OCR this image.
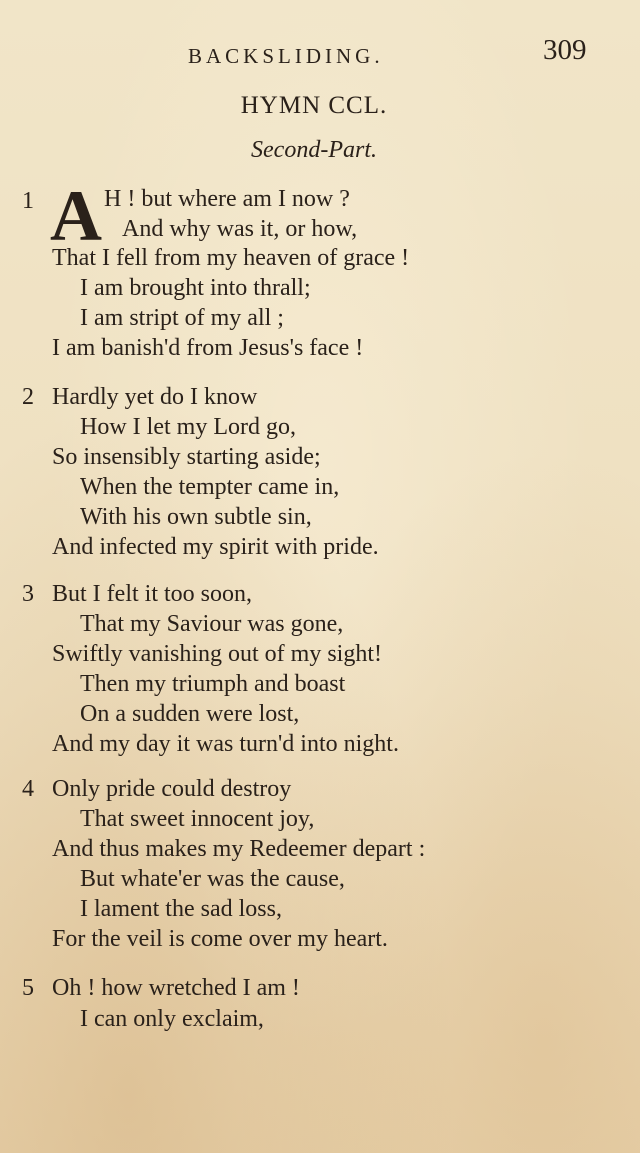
BACKSLIDING.	309
HYMN CCL.
Second-Part.
1 A H ! but where am I now ?
And why was it, or how,
That I fell from my heaven of grace !
I am brought into thrall;
I am stript of my all ;
I am banish'd from Jesus's face !
2 Hardly yet do I know
How I let my Lord go,
So insensibly starting aside;
When the tempter came in,
With his own subtle sin,
And infected my spirit with pride.
3 But I felt it too soon,
That my Saviour was gone,
Swiftly vanishing out of my sight!
Then my triumph and boast
On a sudden were lost,
And my day it was turn'd into night.
4 Only pride could destroy
That sweet innocent joy,
And thus makes my Redeemer depart :
But whate'er was the cause,
I lament the sad loss,
For the veil is come over my heart.
5 Oh ! how wretched I am !
I can only exclaim,
